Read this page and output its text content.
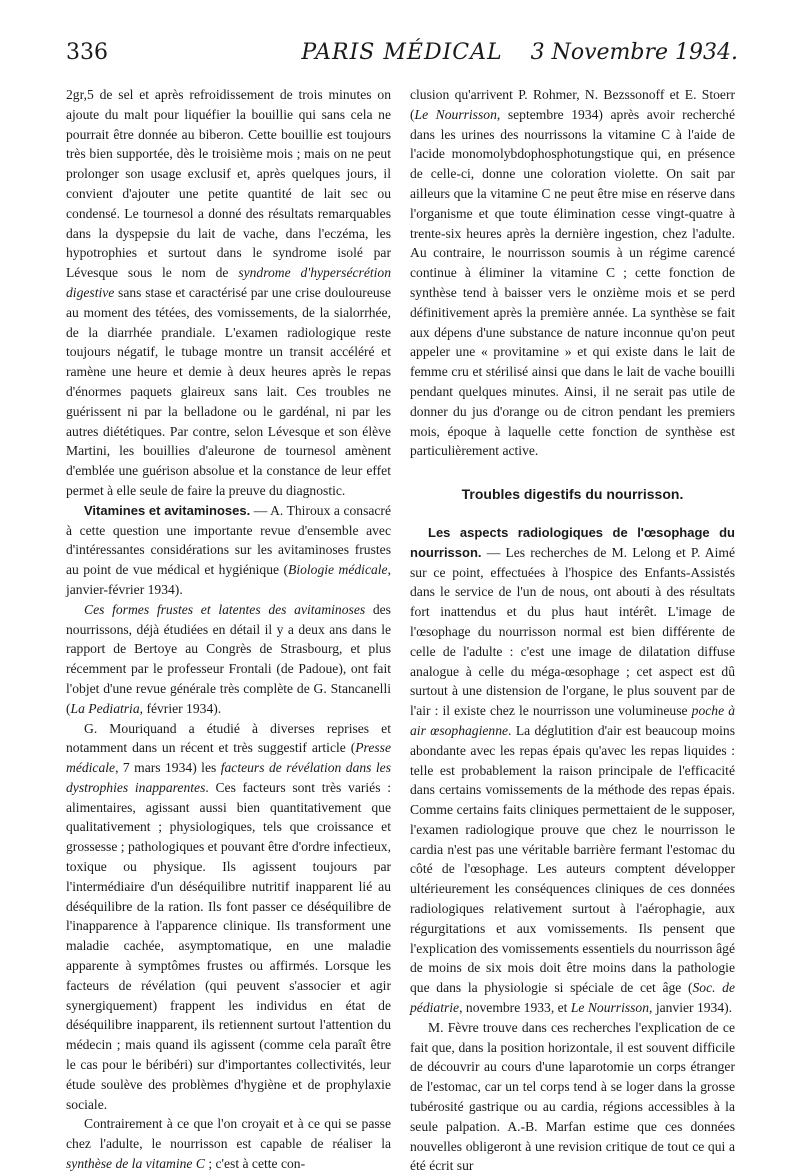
336	PARIS MÉDICAL	3 Novembre 1934.

2gr,5 de sel et après refroidissement de trois minutes on ajoute du malt pour liquéfier la bouillie qui sans cela ne pourrait être donnée au biberon. Cette bouillie est toujours très bien supportée, dès le troisième mois ; mais on ne peut prolonger son usage exclusif et, après quelques jours, il convient d'ajouter une petite quantité de lait sec ou condensé. Le tournesol a donné des résultats remarquables dans la dyspepsie du lait de vache, dans l'eczéma, les hypotrophies et surtout dans le syndrome isolé par Lévesque sous le nom de syndrome d'hypersécrétion digestive sans stase et caractérisé par une crise douloureuse au moment des tétées, des vomissements, de la sialorrhée, de la diarrhée prandiale. L'examen radiologique reste toujours négatif, le tubage montre un transit accéléré et ramène une heure et demie à deux heures après le repas d'énormes paquets glaireux sans lait. Ces troubles ne guérissent ni par la belladone ou le gardénal, ni par les autres diététiques. Par contre, selon Lévesque et son élève Martini, les bouillies d'aleurone de tournesol amènent d'emblée une guérison absolue et la constance de leur effet permet à elle seule de faire la preuve du diagnostic.

Vitamines et avitaminoses. — A. Thiroux a consacré à cette question une importante revue d'ensemble avec d'intéressantes considérations sur les avitaminoses frustes au point de vue médical et hygiénique (Biologie médicale, janvier-février 1934).

Ces formes frustes et latentes des avitaminoses des nourrissons, déjà étudiées en détail il y a deux ans dans le rapport de Bertoye au Congrès de Strasbourg, et plus récemment par le professeur Frontali (de Padoue), ont fait l'objet d'une revue générale très complète de G. Stancanelli (La Pediatria, février 1934).

G. Mouriquand a étudié à diverses reprises et notamment dans un récent et très suggestif article (Presse médicale, 7 mars 1934) les facteurs de révélation dans les dystrophies inapparentes. Ces facteurs sont très variés : alimentaires, agissant aussi bien quantitativement que qualitativement ; physiologiques, tels que croissance et grossesse ; pathologiques et pouvant être d'ordre infectieux, toxique ou physique. Ils agissent toujours par l'intermédiaire d'un déséquilibre nutritif inapparent lié au déséquilibre de la ration. Ils font passer ce déséquilibre de l'inapparence à l'apparence clinique. Ils transforment une maladie cachée, asymptomatique, en une maladie apparente à symptômes frustes ou affirmés. Lorsque les facteurs de révélation (qui peuvent s'associer et agir synergiquement) frappent les individus en état de déséquilibre inapparent, ils retiennent surtout l'attention du médecin ; mais quand ils agissent (comme cela paraît être le cas pour le béribéri) sur d'importantes collectivités, leur étude soulève des problèmes d'hygiène et de prophylaxie sociale.

Contrairement à ce que l'on croyait et à ce qui se passe chez l'adulte, le nourrisson est capable de réaliser la synthèse de la vitamine C ; c'est à cette con-

clusion qu'arrivent P. Rohmer, N. Bezssonoff et E. Stoerr (Le Nourrisson, septembre 1934) après avoir recherché dans les urines des nourrissons la vitamine C à l'aide de l'acide monomolybdophosphotungstique qui, en présence de celle-ci, donne une coloration violette. On sait par ailleurs que la vitamine C ne peut être mise en réserve dans l'organisme et que toute élimination cesse vingt-quatre à trente-six heures après la dernière ingestion, chez l'adulte. Au contraire, le nourrisson soumis à un régime carencé continue à éliminer la vitamine C ; cette fonction de synthèse tend à baisser vers le onzième mois et se perd définitivement après la première année. La synthèse se fait aux dépens d'une substance de nature inconnue qu'on peut appeler une « provitamine » et qui existe dans le lait de femme cru et stérilisé ainsi que dans le lait de vache bouilli pendant quelques minutes. Ainsi, il ne serait pas utile de donner du jus d'orange ou de citron pendant les premiers mois, époque à laquelle cette fonction de synthèse est particulièrement active.

Troubles digestifs du nourrisson.

Les aspects radiologiques de l'œsophage du nourrisson. — Les recherches de M. Lelong et P. Aimé sur ce point, effectuées à l'hospice des Enfants-Assistés dans le service de l'un de nous, ont abouti à des résultats fort inattendus et du plus haut intérêt. L'image de l'œsophage du nourrisson normal est bien différente de celle de l'adulte : c'est une image de dilatation diffuse analogue à celle du méga-œsophage ; cet aspect est dû surtout à une distension de l'organe, le plus souvent par de l'air : il existe chez le nourrisson une volumineuse poche à air œsophagienne. La déglutition d'air est beaucoup moins abondante avec les repas épais qu'avec les repas liquides : telle est probablement la raison principale de l'efficacité dans certains vomissements de la méthode des repas épais. Comme certains faits cliniques permettaient de le supposer, l'examen radiologique prouve que chez le nourrisson le cardia n'est pas une véritable barrière fermant l'estomac du côté de l'œsophage. Les auteurs comptent développer ultérieurement les conséquences cliniques de ces données radiologiques relativement surtout à l'aérophagie, aux régurgitations et aux vomissements. Ils pensent que l'explication des vomissements essentiels du nourrisson âgé de moins de six mois doit être moins dans la pathologie que dans la physiologie si spéciale de cet âge (Soc. de pédiatrie, novembre 1933, et Le Nourrisson, janvier 1934).

M. Fèvre trouve dans ces recherches l'explication de ce fait que, dans la position horizontale, il est souvent difficile de découvrir au cours d'une laparotomie un corps étranger de l'estomac, car un tel corps tend à se loger dans la grosse tubérosité gastrique ou au cardia, régions accessibles à la seule palpation. A.-B. Marfan estime que ces données nouvelles obligeront à une revision critique de tout ce qui a été écrit sur
